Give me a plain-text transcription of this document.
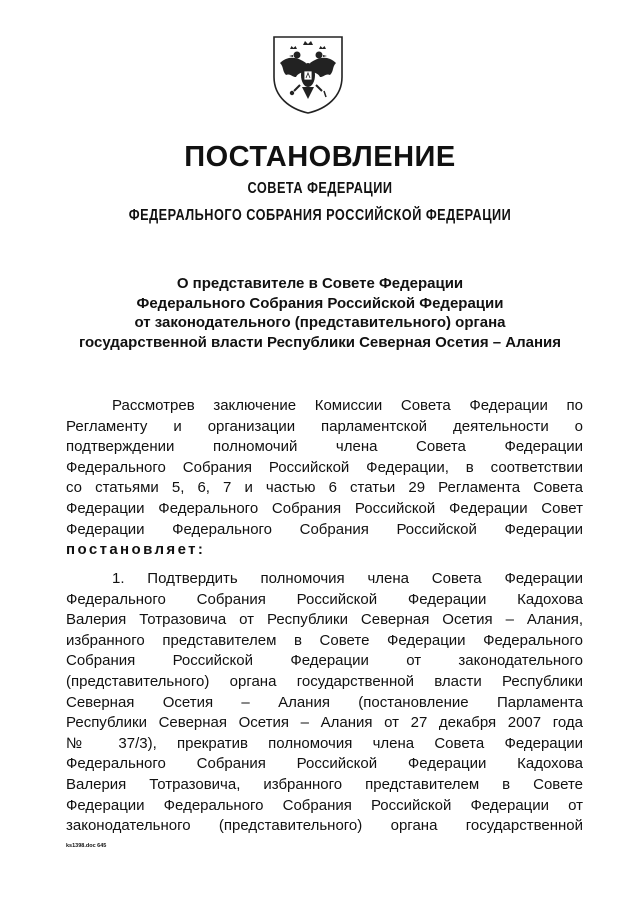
ПОСТАНОВЛЕНИЕ
СОВЕТА ФЕДЕРАЦИИ
ФЕДЕРАЛЬНОГО СОБРАНИЯ РОССИЙСКОЙ ФЕДЕРАЦИИ
О представителе в Совете Федерации
Федерального Собрания Российской Федерации
от законодательного (представительного) органа
государственной власти Республики Северная Осетия – Алания
Рассмотрев заключение Комиссии Совета Федерации по
Регламенту и организации парламентской деятельности о
подтверждении полномочий члена Совета Федерации
Федерального Собрания Российской Федерации, в соответствии
со статьями 5, 6, 7 и частью 6 статьи 29 Регламента Совета
Федерации Федерального Собрания Российской Федерации Совет
Федерации Федерального Собрания Российской Федерации
постановляет:
1. Подтвердить полномочия члена Совета Федерации
Федерального Собрания Российской Федерации Кадохова
Валерия Тотразовича от Республики Северная Осетия – Алания,
избранного представителем в Совете Федерации Федерального
Собрания Российской Федерации от законодательного
(представительного) органа государственной власти Республики
Северная Осетия – Алания (постановление Парламента
Республики Северная Осетия – Алания от 27 декабря 2007 года
№ 37/3), прекратив полномочия члена Совета Федерации
Федерального Собрания Российской Федерации Кадохова
Валерия Тотразовича, избранного представителем в Совете
Федерации Федерального Собрания Российской Федерации от
законодательного (представительного) органа государственной
ks1398.doc 645
